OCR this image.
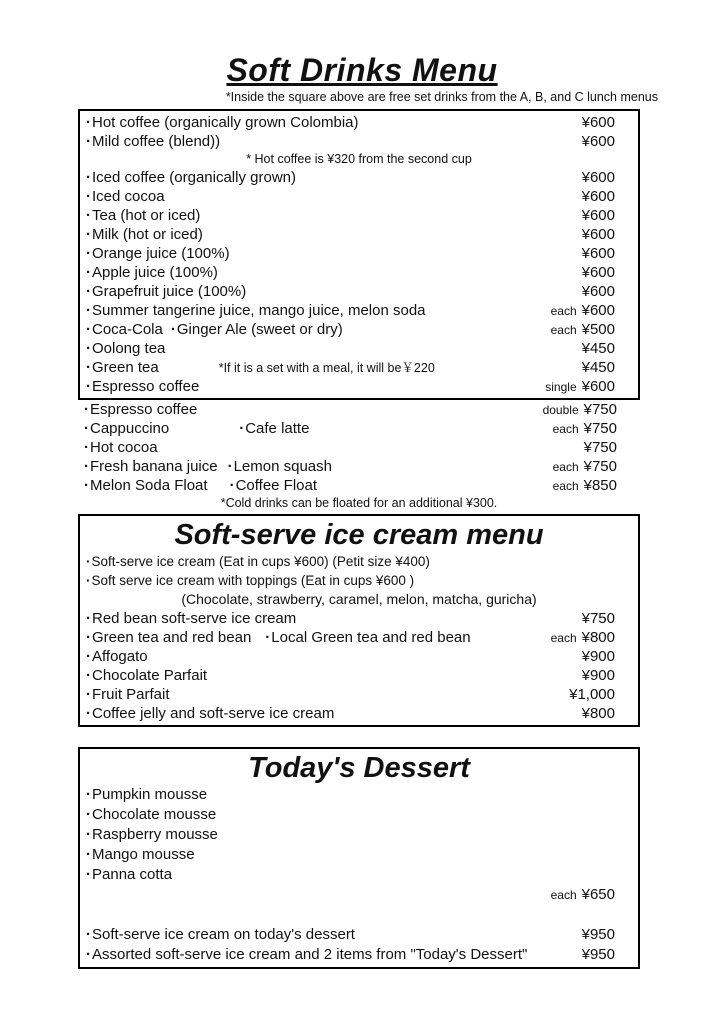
Soft Drinks Menu
*Inside the square above are free set drinks from the A, B, and C lunch menus
· Hot coffee (organically grown Colombia)	¥600
· Mild coffee (blend))	¥600
* Hot coffee is ¥320 from the second cup
· Iced coffee (organically grown)	¥600
· Iced cocoa	¥600
· Tea (hot or iced)	¥600
· Milk (hot or iced)	¥600
· Orange juice (100%)	¥600
· Apple juice (100%)	¥600
· Grapefruit juice (100%)	¥600
· Summer tangerine juice, mango juice, melon soda	each ¥600
· Coca-Cola · Ginger Ale (sweet or dry)	each ¥500
· Oolong tea	¥450
· Green tea	*If it is a set with a meal, it will be￥220	¥450
· Espresso coffee	single ¥600
· Espresso coffee	double ¥750
· Cappuccino	· Cafe latte	each ¥750
· Hot cocoa	¥750
· Fresh banana juice · Lemon squash	each ¥750
· Melon Soda Float · Coffee Float	each ¥850
*Cold drinks can be floated for an additional ¥300.
Soft-serve ice cream menu
· Soft-serve ice cream (Eat in cups ¥600) (Petit size ¥400)
· Soft serve ice cream with toppings (Eat in cups ¥600 )
(Chocolate, strawberry, caramel, melon, matcha, guricha)
· Red bean soft-serve ice cream	¥750
· Green tea and red bean · Local Green tea and red bean	each ¥800
· Affogato	¥900
· Chocolate Parfait	¥900
· Fruit Parfait	¥1,000
· Coffee jelly and soft-serve ice cream	¥800
Today's Dessert
· Pumpkin mousse
· Chocolate mousse
· Raspberry mousse
· Mango mousse
· Panna cotta
each ¥650
· Soft-serve ice cream on today's dessert	¥950
· Assorted soft-serve ice cream and 2 items from "Today's Dessert"	¥950
